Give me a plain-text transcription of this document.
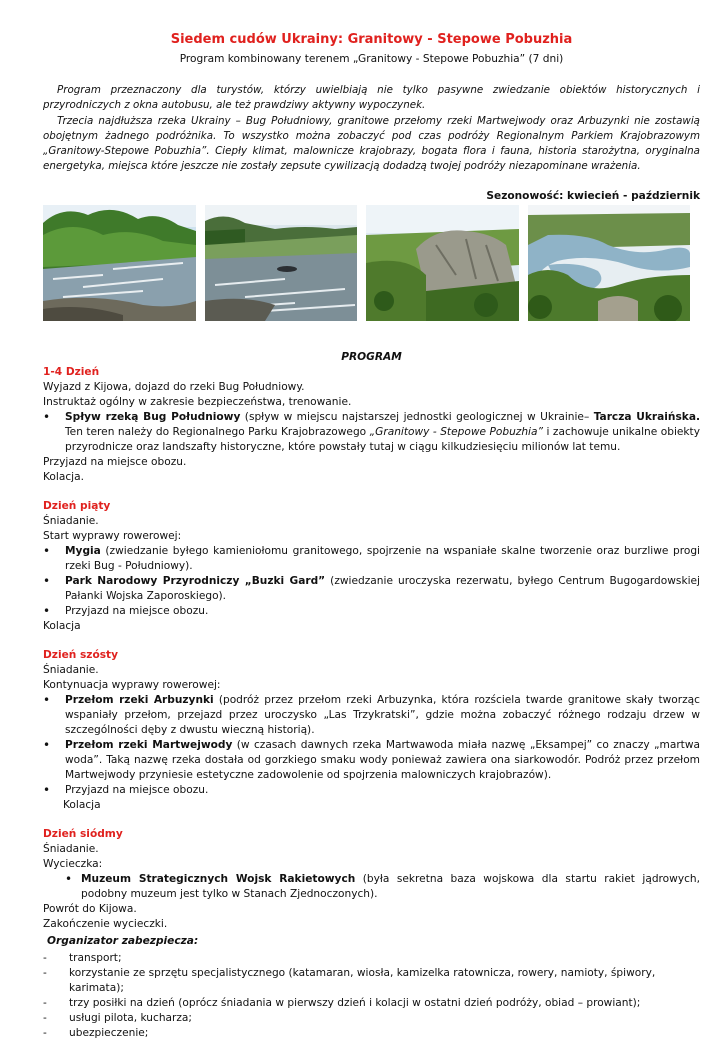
Siedem cudów Ukrainy: Granitowy - Stepowe Pobuzhia
Program kombinowany terenem „Granitowy - Stepowe Pobuzhia” (7 dni)

Program przeznaczony dla turystów, którzy uwielbiają nie tylko pasywne zwiedzanie obiektów historycznych i przyrodniczych z okna autobusu, ale też prawdziwy aktywny wypoczynek.

Trzecia najdłuższa rzeka Ukrainy – Bug Południowy, granitowe przełomy rzeki Martwejwody oraz Arbuzynki nie zostawią obojętnym żadnego podróżnika. To wszystko można zobaczyć pod czas podróży Regionalnym Parkiem Krajobrazowym „Granitowy-Stepowe Pobuzhia”. Ciepły klimat, malownicze krajobrazy, bogata flora i fauna, historia starożytna, oryginalna energetyka, miejsca które jeszcze nie zostały zepsute cywilizacją dodadzą twojej podróży niezapominane wrażenia.

Sezonowość: kwiecień - październik
PROGRAM

1-4 Dzień

Wyjazd z Kijowa, dojazd do rzeki Bug Południowy.

Instruktaż ogólny w zakresie bezpieczeństwa, trenowanie.

• Spływ rzeką Bug Południowy (spływ w miejscu najstarszej jednostki geologicznej w Ukrainie– Tarcza Ukraińska. Ten teren należy do Regionalnego Parku Krajobrazowego „Granitowy - Stepowe Pobuzhia” i zachowuje unikalne obiekty przyrodnicze oraz landszafty historyczne, które powstały tutaj w ciągu kilkudziesięciu milionów lat temu.

Przyjazd na miejsce obozu.

Kolacja.

Dzień piąty

Śniadanie.

Start wyprawy rowerowej:

• Mygia (zwiedzanie byłego kamieniołomu granitowego, spojrzenie na wspaniałe skalne tworzenie oraz burzliwe progi rzeki Bug - Południowy).
• Park Narodowy Przyrodniczy „Buzki Gard” (zwiedzanie uroczyska rezerwatu, byłego Centrum Bugogardowskiej Pałanki Wojska Zaporoskiego).
• Przyjazd na miejsce obozu.

Kolacja

Dzień szósty

Śniadanie.

Kontynuacja wyprawy rowerowej:

• Przełom rzeki Arbuzynki (podróż przez przełom rzeki Arbuzynka, która rozściela twarde granitowe skały tworząc wspaniały przełom, przejazd przez uroczysko „Las Trzykratski”, gdzie można zobaczyć różnego rodzaju drzew w szczególności dęby z dwustu wieczną historią).
• Przełom rzeki Martwejwody (w czasach dawnych rzeka Martwawoda miała nazwę „Eksampej” co znaczy „martwa woda”. Taką nazwę rzeka dostała od gorzkiego smaku wody ponieważ zawiera ona siarkowodór. Podróż przez przełom Martwejwody przyniesie estetyczne zadowolenie od spojrzenia malowniczych krajobrazów).
• Przyjazd na miejsce obozu.

Kolacja

Dzień siódmy

Śniadanie.

Wycieczka:

• Muzeum Strategicznych Wojsk Rakietowych (była sekretna baza wojskowa dla startu rakiet jądrowych, podobny muzeum jest tylko w Stanach Zjednoczonych).

Powrót do Kijowa.

Zakończenie wycieczki.

Organizator zabezpiecza:

- transport;
- korzystanie ze sprzętu specjalistycznego (katamaran, wiosła, kamizelka ratownicza, rowery, namioty, śpiwory, karimata);
- trzy posiłki na dzień (oprócz śniadania w pierwszy dzień i kolacji w ostatni dzień podróży, obiad – prowiant);
- usługi pilota, kucharza;
- ubezpieczenie;
